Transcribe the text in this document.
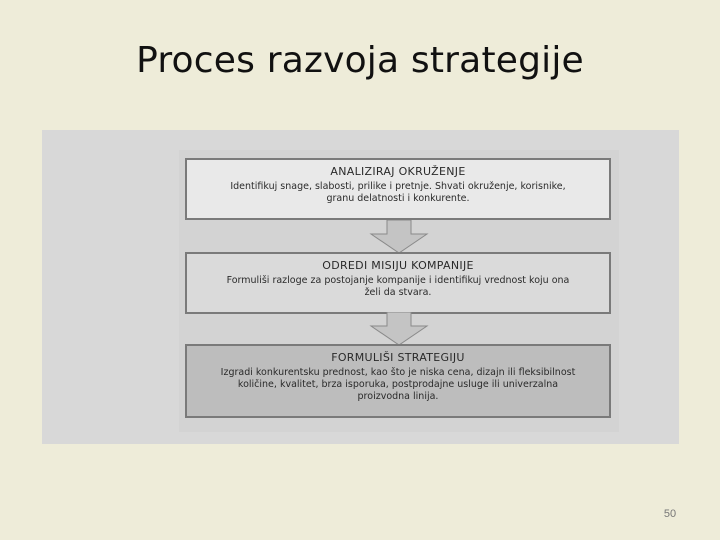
Proces razvoja strategije
ANALIZIRAJ OKRUŽENJE
Identifikuj snage, slabosti, prilike i pretnje. Shvati okruženje, korisnike, granu delatnosti i konkurente.
ODREDI MISIJU KOMPANIJE
Formuliši razloge za postojanje kompanije i identifikuj vrednost koju ona želi da stvara.
FORMULIŠI STRATEGIJU
Izgradi konkurentsku prednost, kao što je niska cena, dizajn ili fleksibilnost količine, kvalitet, brza isporuka, postprodajne usluge ili univerzalna proizvodna linija.
50
